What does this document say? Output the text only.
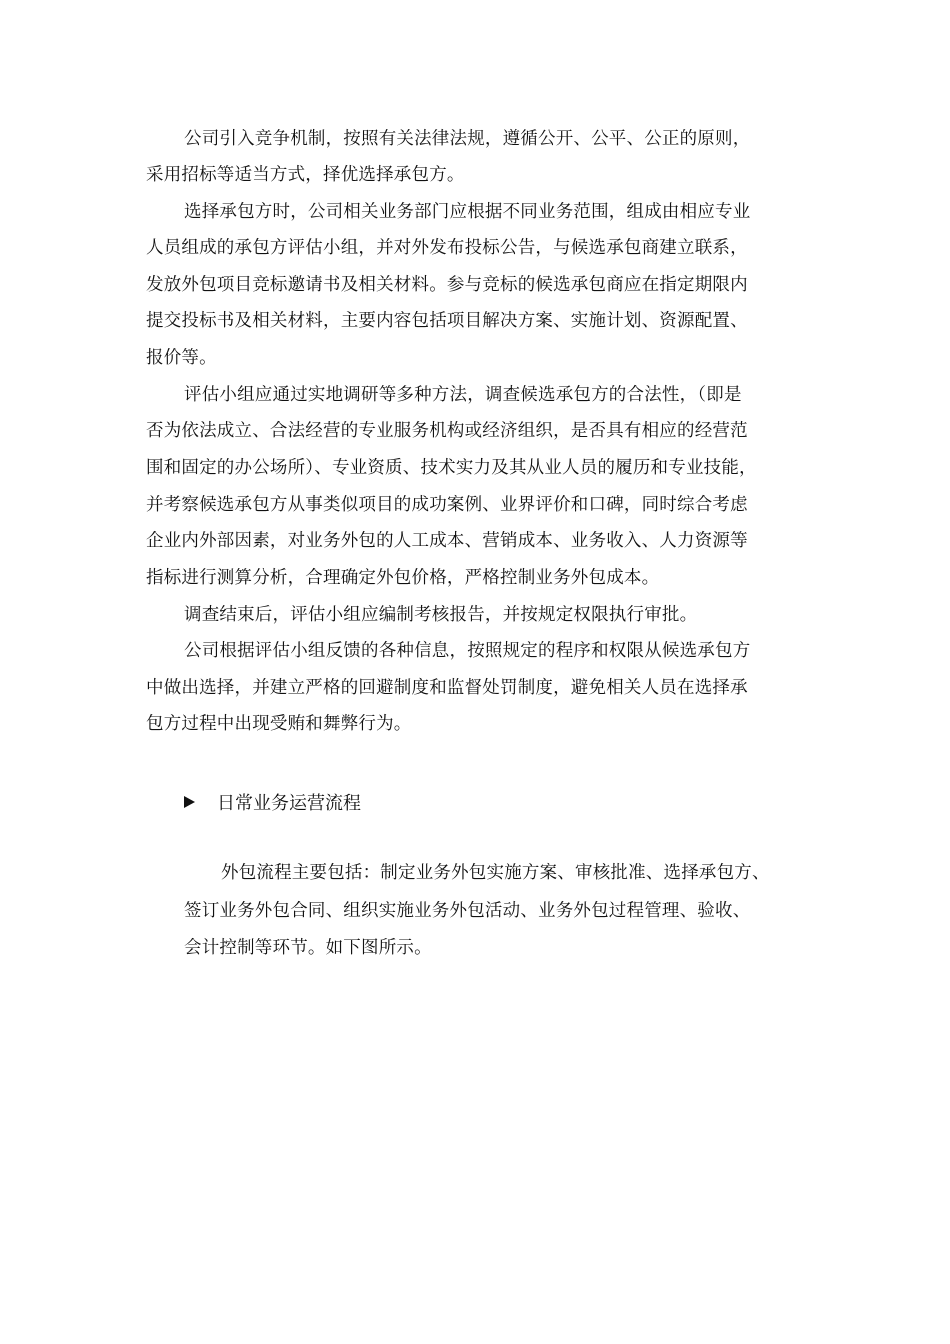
公司引入竞争机制，按照有关法律法规，遵循公开、公平、公正的原则，
采用招标等适当方式，择优选择承包方。
选择承包方时，公司相关业务部门应根据不同业务范围，组成由相应专业
人员组成的承包方评估小组，并对外发布投标公告，与候选承包商建立联系，
发放外包项目竞标邀请书及相关材料。参与竞标的候选承包商应在指定期限内
提交投标书及相关材料，主要内容包括项目解决方案、实施计划、资源配置、
报价等。
评估小组应通过实地调研等多种方法，调查候选承包方的合法性，（即是
否为依法成立、合法经营的专业服务机构或经济组织，是否具有相应的经营范
围和固定的办公场所）、专业资质、技术实力及其从业人员的履历和专业技能，
并考察候选承包方从事类似项目的成功案例、业界评价和口碑，同时综合考虑
企业内外部因素，对业务外包的人工成本、营销成本、业务收入、人力资源等
指标进行测算分析，合理确定外包价格，严格控制业务外包成本。
调查结束后，评估小组应编制考核报告，并按规定权限执行审批。
公司根据评估小组反馈的各种信息，按照规定的程序和权限从候选承包方
中做出选择，并建立严格的回避制度和监督处罚制度，避免相关人员在选择承
包方过程中出现受贿和舞弊行为。
日常业务运营流程
外包流程主要包括：制定业务外包实施方案、审核批准、选择承包方、
签订业务外包合同、组织实施业务外包活动、业务外包过程管理、验收、
会计控制等环节。如下图所示。
